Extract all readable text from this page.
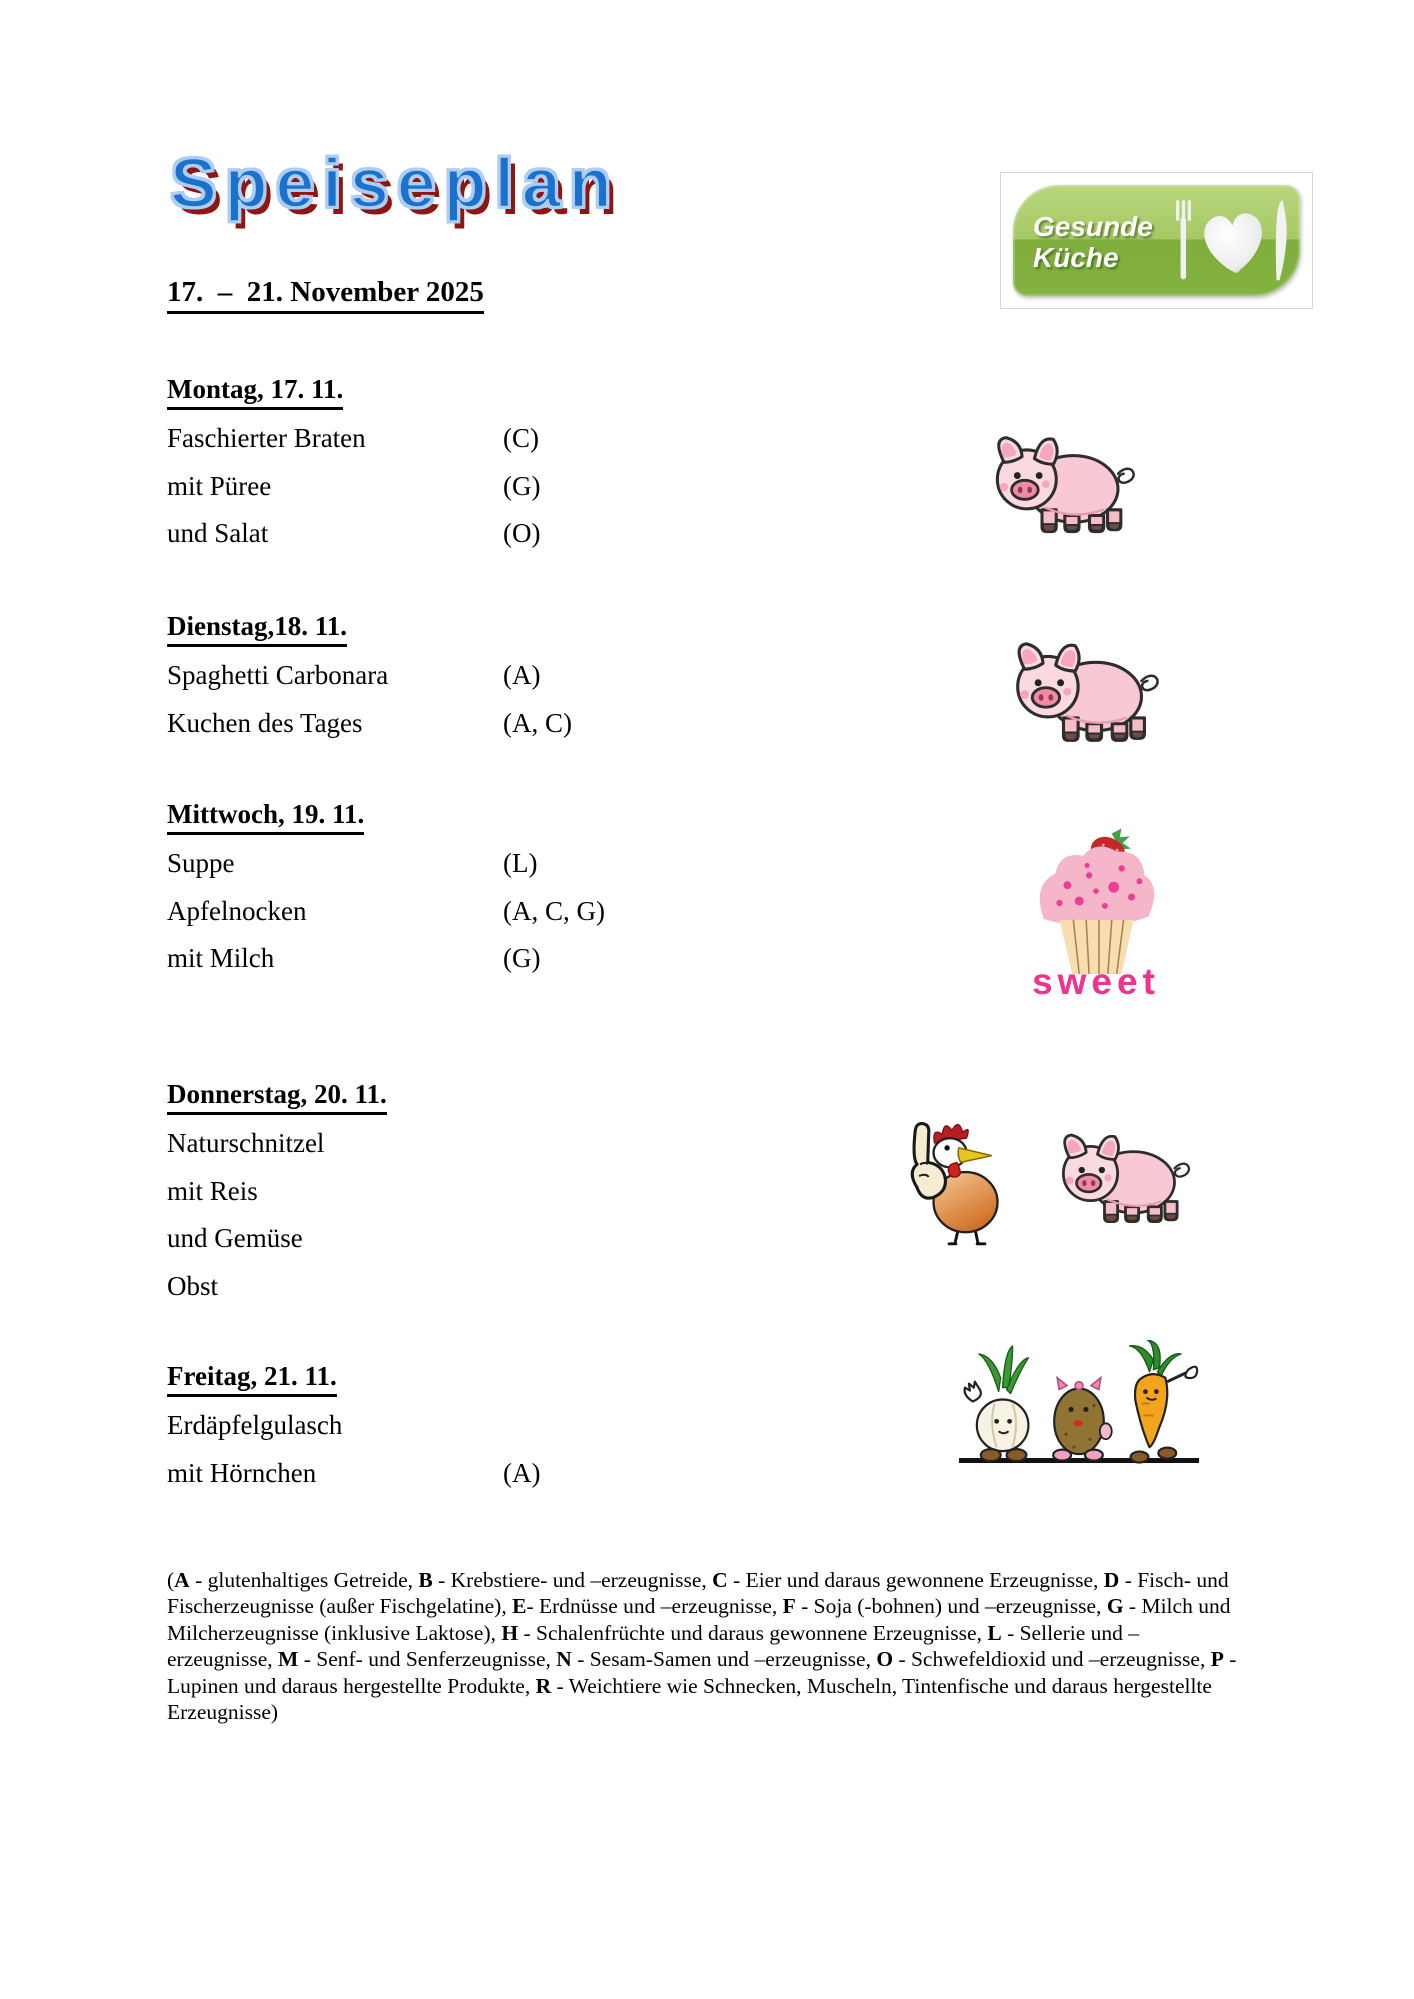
Speiseplan
Gesunde
Küche
17.  –  21. November 2025
Montag, 17. 11.
Faschierter Braten	(C)
mit Püree	(G)
und Salat	(O)
Dienstag,18. 11.
Spaghetti Carbonara	(A)
Kuchen des Tages	(A, C)
Mittwoch, 19. 11.
Suppe	(L)
Apfelnocken	(A, C, G)
mit Milch	(G)
Donnerstag, 20. 11.
Naturschnitzel
mit Reis
und Gemüse
Obst
Freitag, 21. 11.
Erdäpfelgulasch
mit Hörnchen	(A)
sweet

(A - glutenhaltiges Getreide, B - Krebstiere- und –erzeugnisse, C - Eier und daraus gewonnene Erzeugnisse, D - Fisch- und Fischerzeugnisse (außer Fischgelatine), E- Erdnüsse und –erzeugnisse, F - Soja (-bohnen) und –erzeugnisse, G - Milch und Milcherzeugnisse (inklusive Laktose), H - Schalenfrüchte und daraus gewonnene Erzeugnisse, L - Sellerie und –erzeugnisse, M - Senf- und Senferzeugnisse, N - Sesam-Samen und –erzeugnisse, O - Schwefeldioxid und –erzeugnisse, P - Lupinen und daraus hergestellte Produkte, R - Weichtiere wie Schnecken, Muscheln, Tintenfische und daraus hergestellte Erzeugnisse)
